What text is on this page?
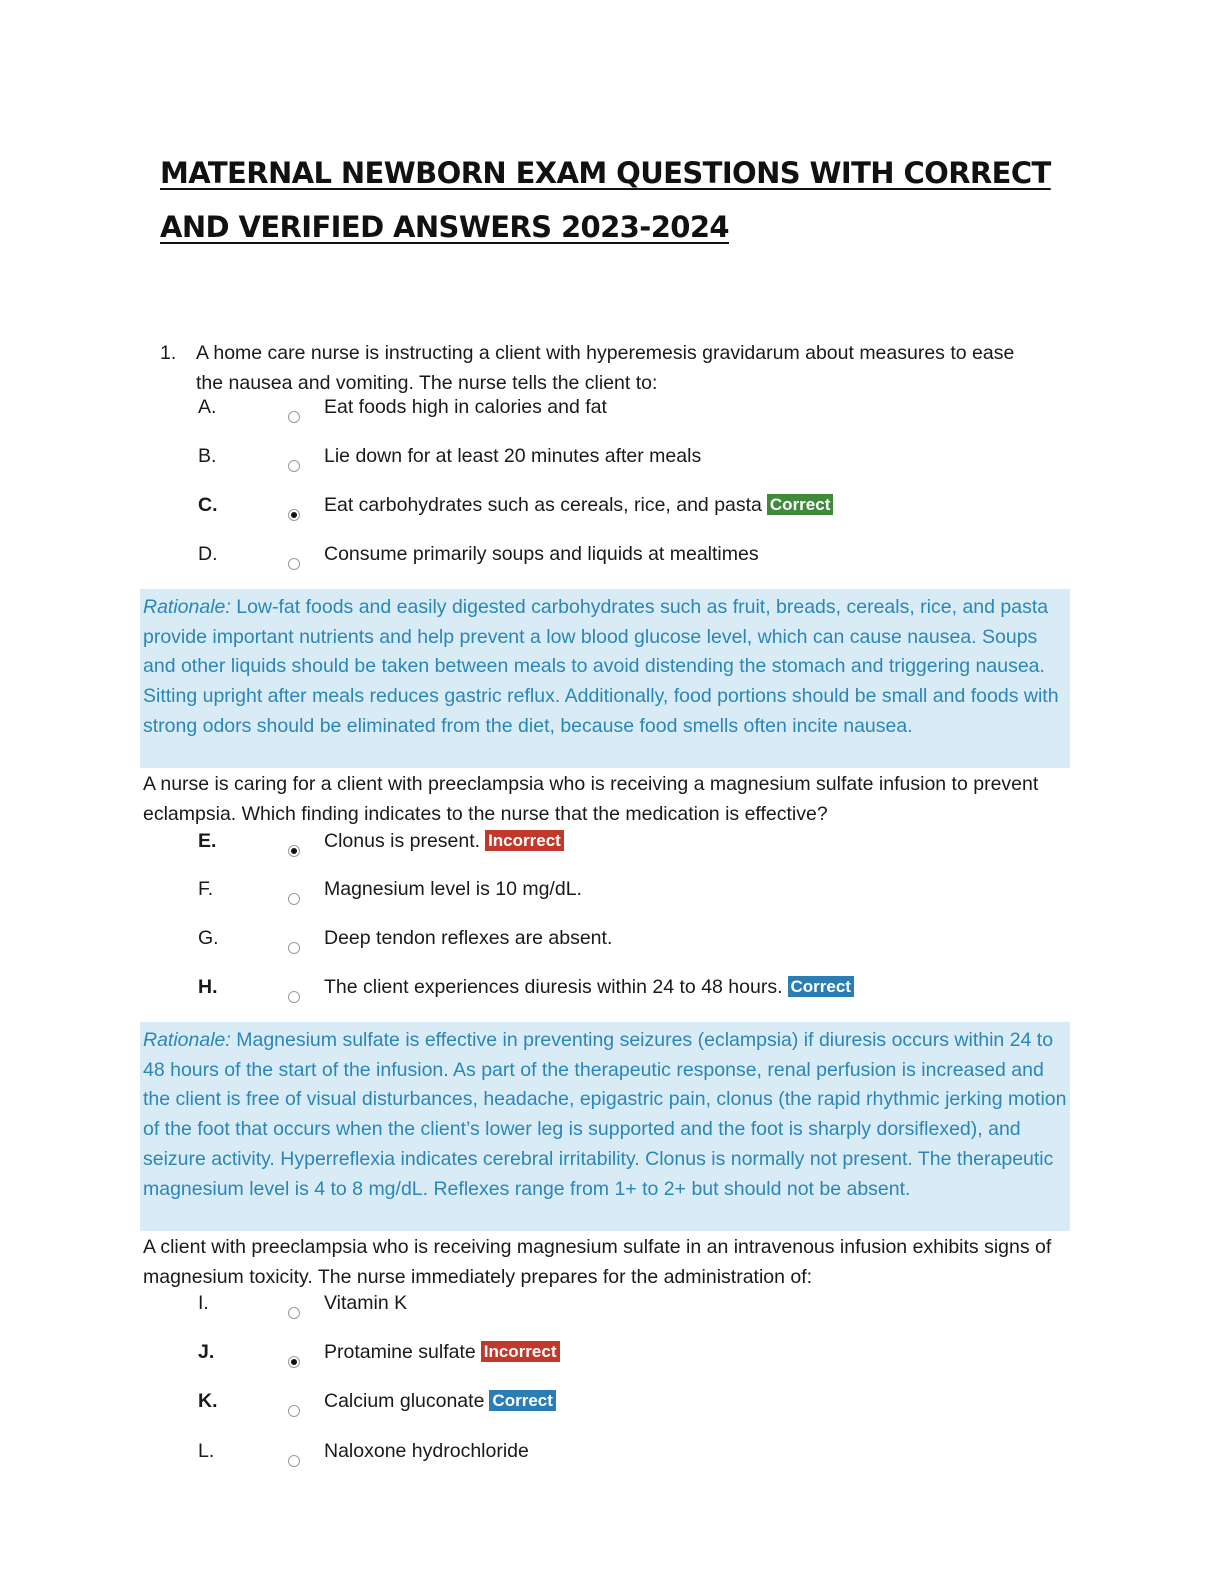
MATERNAL NEWBORN EXAM QUESTIONS WITH CORRECT
AND VERIFIED ANSWERS 2023-2024
1. A home care nurse is instructing a client with hyperemesis gravidarum about measures to ease the nausea and vomiting. The nurse tells the client to:
A.	Eat foods high in calories and fat
B.	Lie down for at least 20 minutes after meals
C.	Eat carbohydrates such as cereals, rice, and pasta Correct
D.	Consume primarily soups and liquids at mealtimes
Rationale: Low-fat foods and easily digested carbohydrates such as fruit, breads, cereals, rice, and pasta provide important nutrients and help prevent a low blood glucose level, which can cause nausea. Soups and other liquids should be taken between meals to avoid distending the stomach and triggering nausea. Sitting upright after meals reduces gastric reflux. Additionally, food portions should be small and foods with strong odors should be eliminated from the diet, because food smells often incite nausea.
A nurse is caring for a client with preeclampsia who is receiving a magnesium sulfate infusion to prevent eclampsia. Which finding indicates to the nurse that the medication is effective?
E.	Clonus is present. Incorrect
F.	Magnesium level is 10 mg/dL.
G.	Deep tendon reflexes are absent.
H.	The client experiences diuresis within 24 to 48 hours. Correct
Rationale: Magnesium sulfate is effective in preventing seizures (eclampsia) if diuresis occurs within 24 to 48 hours of the start of the infusion. As part of the therapeutic response, renal perfusion is increased and the client is free of visual disturbances, headache, epigastric pain, clonus (the rapid rhythmic jerking motion of the foot that occurs when the client’s lower leg is supported and the foot is sharply dorsiflexed), and seizure activity. Hyperreflexia indicates cerebral irritability. Clonus is normally not present. The therapeutic magnesium level is 4 to 8 mg/dL. Reflexes range from 1+ to 2+ but should not be absent.
A client with preeclampsia who is receiving magnesium sulfate in an intravenous infusion exhibits signs of magnesium toxicity. The nurse immediately prepares for the administration of:
I.	Vitamin K
J.	Protamine sulfate Incorrect
K.	Calcium gluconate Correct
L.	Naloxone hydrochloride
